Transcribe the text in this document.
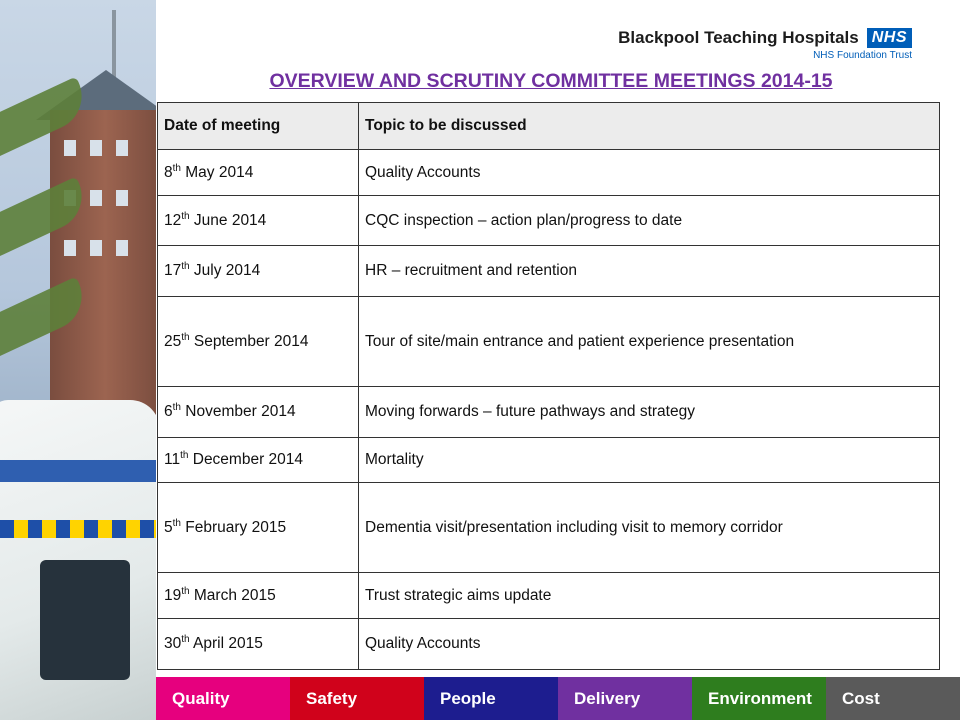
Blackpool Teaching Hospitals NHS
NHS Foundation Trust
OVERVIEW AND SCRUTINY COMMITTEE MEETINGS 2014-15
Date of meeting	Topic to be discussed
8th May 2014	Quality Accounts
12th June 2014	CQC inspection – action plan/progress to date
17th July 2014	HR – recruitment and retention
25th September 2014	Tour of site/main entrance and patient experience presentation
6th November 2014	Moving forwards – future pathways and strategy
11th December 2014	Mortality
5th February 2015	Dementia visit/presentation including visit to memory corridor
19th March 2015	Trust strategic aims update
30th April 2015	Quality Accounts
Quality	Safety	People	Delivery	Environment	Cost
